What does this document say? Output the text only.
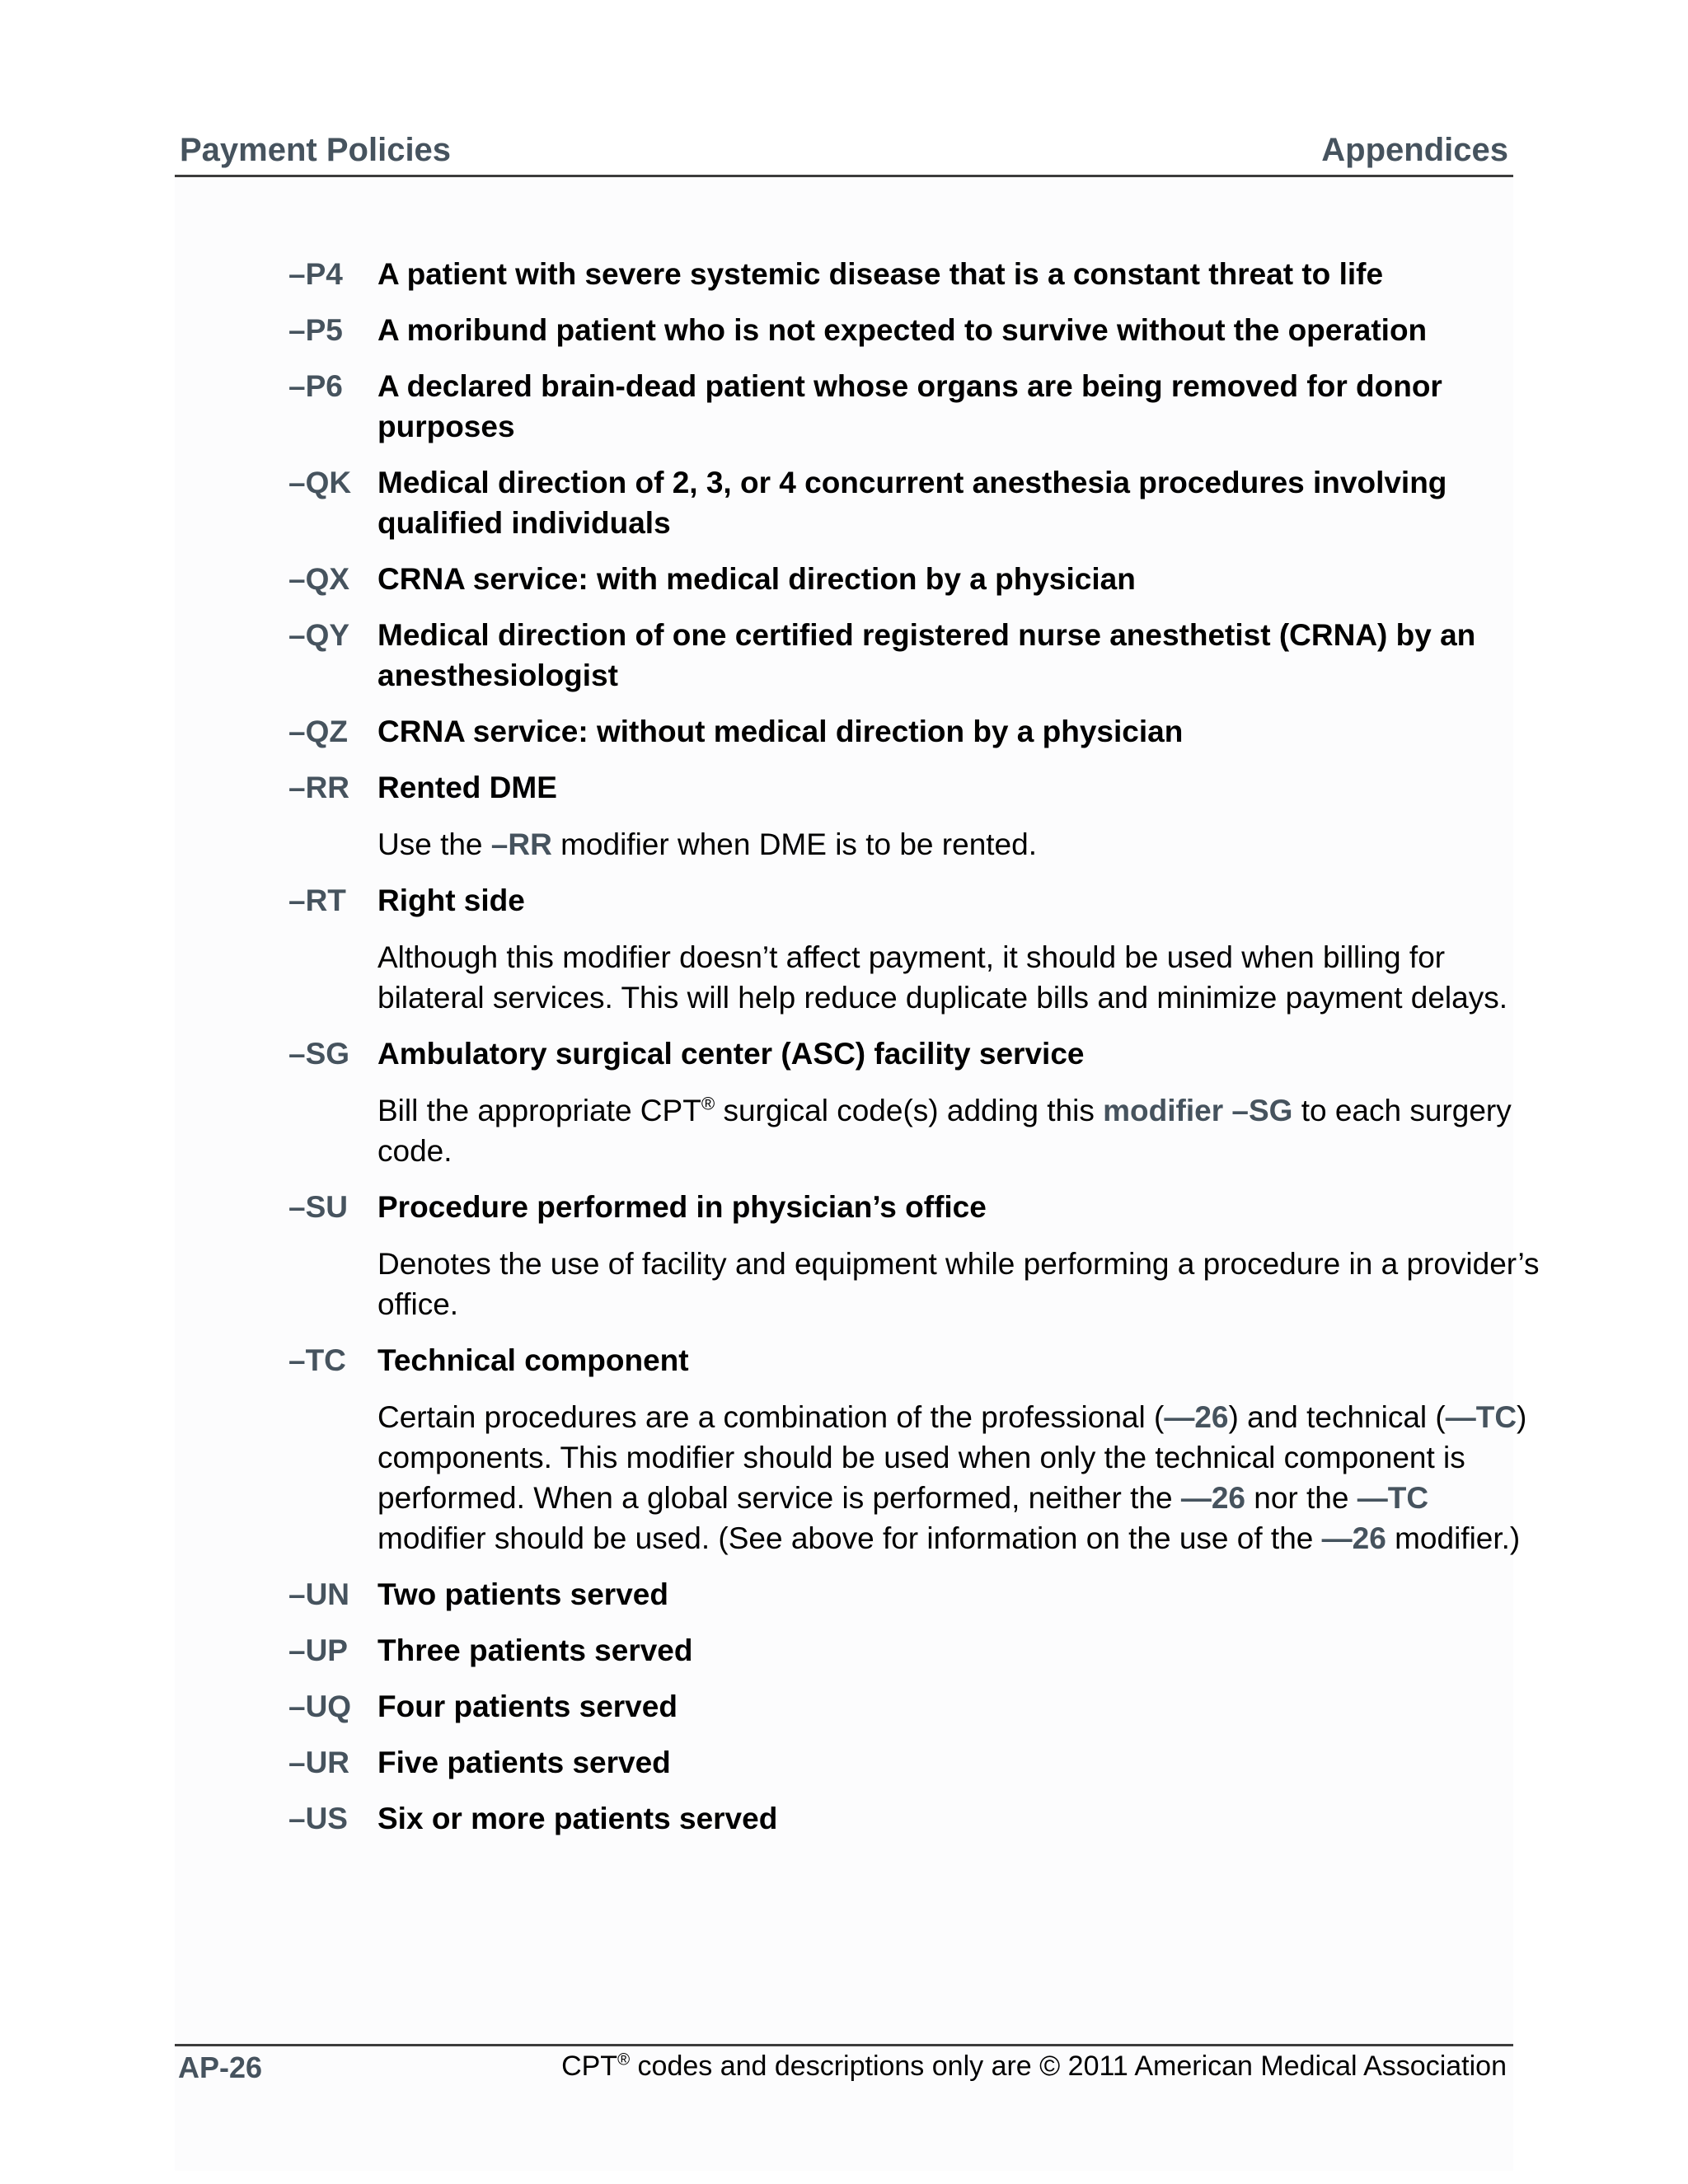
Payment Policies	Appendices
–P4	A patient with severe systemic disease that is a constant threat to life
–P5	A moribund patient who is not expected to survive without the operation
–P6	A declared brain-dead patient whose organs are being removed for donor purposes
–QK Medical direction of 2, 3, or 4 concurrent anesthesia procedures involving qualified individuals
–QX CRNA service: with medical direction by a physician
–QY Medical direction of one certified registered nurse anesthetist (CRNA) by an anesthesiologist
–QZ CRNA service: without medical direction by a physician
–RR Rented DME
Use the –RR modifier when DME is to be rented.
–RT	Right side
Although this modifier doesn’t affect payment, it should be used when billing for bilateral services. This will help reduce duplicate bills and minimize payment delays.
–SG Ambulatory surgical center (ASC) facility service
Bill the appropriate CPT® surgical code(s) adding this modifier –SG to each surgery code.
–SU Procedure performed in physician’s office
Denotes the use of facility and equipment while performing a procedure in a provider’s office.
–TC	Technical component
Certain procedures are a combination of the professional (—26) and technical (—TC) components. This modifier should be used when only the technical component is performed. When a global service is performed, neither the —26 nor the —TC modifier should be used. (See above for information on the use of the —26 modifier.)
–UN Two patients served
–UP Three patients served
–UQ Four patients served
–UR Five patients served
–US Six or more patients served
AP-26	CPT® codes and descriptions only are © 2011 American Medical Association
